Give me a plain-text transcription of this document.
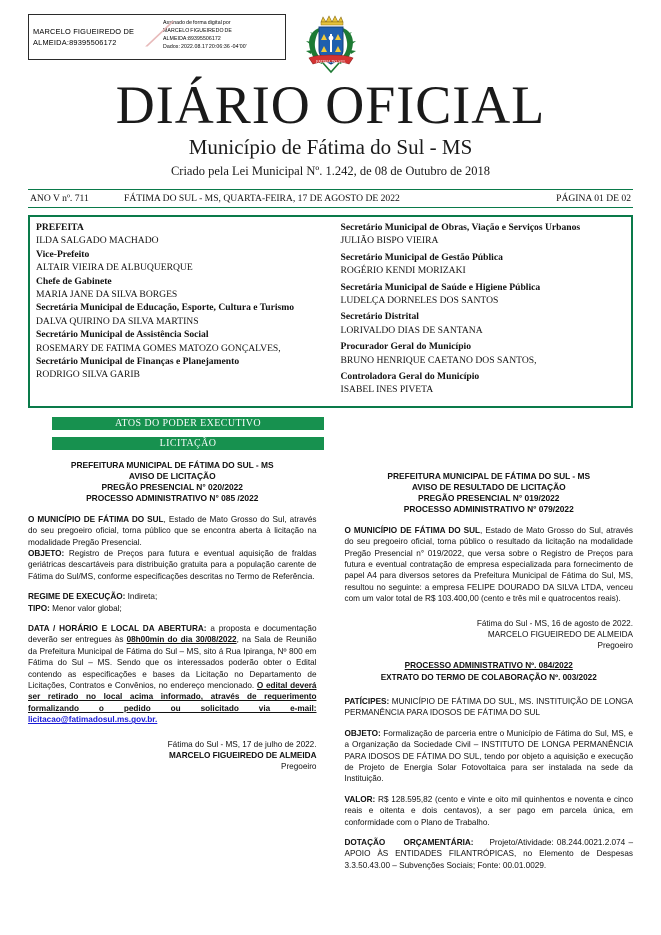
MARCELO FIGUEIREDO DE
ALMEIDA:89395506172 ⟋
Assinado de forma digital por
MARCELO FIGUEIREDO DE
ALMEIDA:89395506172
Dados: 2022.08.17 20:06:36 -04'00'
FATIMA DO SUL
DIÁRIO OFICIAL
Município de Fátima do Sul - MS
Criado pela Lei Municipal Nº. 1.242, de 08 de Outubro de 2018
ANO V nº. 711	FÁTIMA DO SUL - MS, QUARTA-FEIRA, 17 DE AGOSTO DE 2022	PÁGINA 01 DE 02
PREFEITA
ILDA SALGADO MACHADO
Vice-Prefeito
ALTAIR VIEIRA DE ALBUQUERQUE
Chefe de Gabinete
MARIA JANE DA SILVA BORGES
Secretária Municipal de Educação, Esporte, Cultura e Turismo
DALVA QUIRINO DA SILVA MARTINS
Secretário Municipal de Assistência Social
ROSEMARY DE FATIMA GOMES MATOZO GONÇALVES,
Secretário Municipal de Finanças e Planejamento
RODRIGO SILVA GARIB
Secretário Municipal de Obras, Viação e Serviços Urbanos
JULIÃO BISPO VIEIRA
Secretário Municipal de Gestão Pública
ROGÉRIO KENDI MORIZAKI
Secretária Municipal de Saúde e Higiene Pública
LUDELÇA DORNELES DOS SANTOS
Secretário Distrital
LORIVALDO DIAS DE SANTANA
Procurador Geral do Município
BRUNO HENRIQUE CAETANO DOS SANTOS,
Controladora Geral do Município
ISABEL INES PIVETA
ATOS DO PODER EXECUTIVO
LICITAÇÃO
PREFEITURA MUNICIPAL DE FÁTIMA DO SUL - MS
AVISO DE LICITAÇÃO
PREGÃO PRESENCIAL N° 020/2022
PROCESSO ADMINISTRATIVO N° 085 /2022
O MUNICÍPIO DE FÁTIMA DO SUL, Estado de Mato Grosso do Sul, através do seu pregoeiro oficial, torna público que se encontra aberta à licitação na modalidade Pregão Presencial.
OBJETO: Registro de Preços para futura e eventual aquisição de fraldas geriátricas descartáveis para distribuição gratuita para a população carente de Fátima do Sul/MS, conforme especificações descritas no Termo de Referência.
REGIME DE EXECUÇÃO: Indireta;
TIPO: Menor valor global;
DATA / HORÁRIO E LOCAL DA ABERTURA: a proposta e documentação deverão ser entregues às 08h00min do dia 30/08/2022, na Sala de Reunião da Prefeitura Municipal de Fátima do Sul – MS, sito á Rua Ipiranga, Nº 800 em Fátima do Sul – MS. Sendo que os interessados poderão obter o Edital contendo as especificações e bases da Licitação no Departamento de Licitações, Contratos e Convênios, no endereço mencionado. O edital deverá ser retirado no local acima informado, através de requerimento formalizando o pedido ou solicitado via e-mail: licitacao@fatimadosul.ms.gov.br.
Fátima do Sul - MS, 17 de julho de 2022.
MARCELO FIGUEIREDO DE ALMEIDA
Pregoeiro
PREFEITURA MUNICIPAL DE FÁTIMA DO SUL - MS
AVISO DE RESULTADO DE LICITAÇÃO
PREGÃO PRESENCIAL N° 019/2022
PROCESSO ADMINISTRATIVO N° 079/2022
O MUNICÍPIO DE FÁTIMA DO SUL, Estado de Mato Grosso do Sul, através do seu pregoeiro oficial, torna público o resultado da licitação na modalidade Pregão Presencial n° 019/2022, que versa sobre o Registro de Preços para futura e eventual contratação de empresa especializada para fornecimento de papel A4 para diversos setores da Prefeitura Municipal de Fátima do Sul, MS, resultou no seguinte: a empresa FELIPE DOURADO DA SILVA LTDA, venceu com um valor total de R$ 103.400,00 (cento e três mil e quatrocentos reais).
Fátima do Sul - MS, 16 de agosto de 2022.
MARCELO FIGUEIREDO DE ALMEIDA
Pregoeiro
PROCESSO ADMINISTRATIVO Nº. 084/2022
EXTRATO DO TERMO DE COLABORAÇÃO Nº. 003/2022
PATÍCIPES: MUNICÍPIO DE FÁTIMA DO SUL, MS. INSTITUIÇÃO DE LONGA PERMANÊNCIA PARA IDOSOS DE FÁTIMA DO SUL
OBJETO: Formalização de parceria entre o Município de Fátima do Sul, MS, e a Organização da Sociedade Civil – INSTITUTO DE LONGA PERMANÊNCIA PARA IDOSOS DE FÁTIMA DO SUL, tendo por objeto a aquisição e execução de Projeto de Energia Solar Fotovoltaica para ser instalada na sede da Instituição.
VALOR: R$ 128.595,82 (cento e vinte e oito mil quinhentos e noventa e cinco reais e oitenta e dois centavos), a ser pago em parcela única, em conformidade com o Plano de Trabalho.
DOTAÇÃO ORÇAMENTÁRIA: Projeto/Atividade: 08.244.0021.2.074 – APOIO ÀS ENTIDADES FILANTRÓPICAS, no Elemento de Despesas 3.3.50.43.00 – Subvenções Sociais; Fonte: 00.01.0029.
